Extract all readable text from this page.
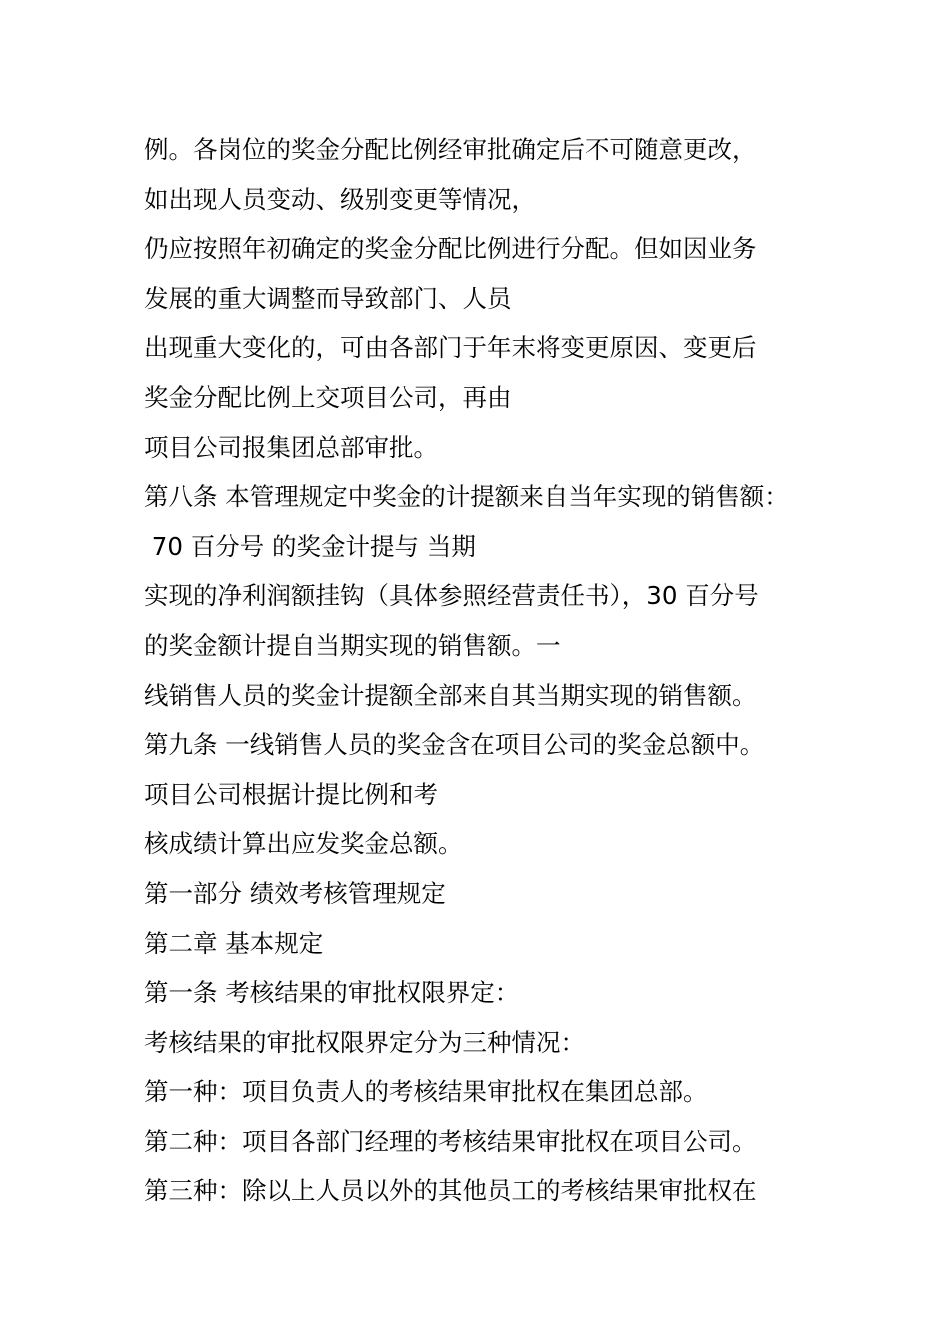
例。各岗位的奖金分配比例经审批确定后不可随意更改，
如出现人员变动、级别变更等情况，
仍应按照年初确定的奖金分配比例进行分配。但如因业务
发展的重大调整而导致部门、人员
出现重大变化的，可由各部门于年末将变更原因、变更后
奖金分配比例上交项目公司，再由
项目公司报集团总部审批。
第八条 本管理规定中奖金的计提额来自当年实现的销售额：
70 百分号 的奖金计提与 当期
实现的净利润额挂钩（具体参照经营责任书），30 百分号
的奖金额计提自当期实现的销售额。一
线销售人员的奖金计提额全部来自其当期实现的销售额。
第九条 一线销售人员的奖金含在项目公司的奖金总额中。
项目公司根据计提比例和考
核成绩计算出应发奖金总额。
第一部分 绩效考核管理规定
第二章 基本规定
第一条 考核结果的审批权限界定：
考核结果的审批权限界定分为三种情况：
第一种：项目负责人的考核结果审批权在集团总部。
第二种：项目各部门经理的考核结果审批权在项目公司。
第三种：除以上人员以外的其他员工的考核结果审批权在
